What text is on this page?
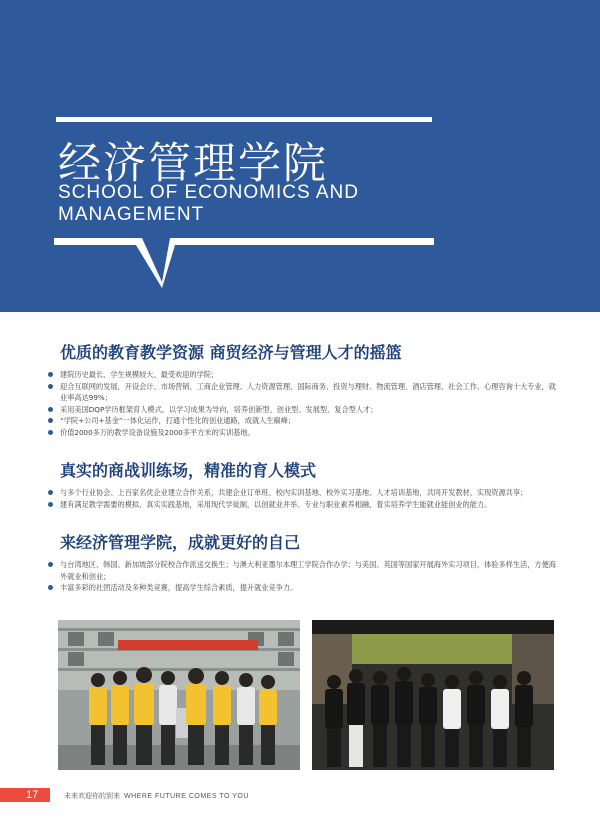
经济管理学院
SCHOOL OF ECONOMICS AND MANAGEMENT
优质的教育教学资源 商贸经济与管理人才的摇篮
建院历史最长、学生规模较大、最受欢迎的学院；
迎合互联网的发展，开设会计、市场营销、工商企业管理、人力资源管理、国际商务、投资与理财、物流管理、酒店管理、社会工作、心理咨询十大专业，就业率高达99%；
采用美国DQP学历框架育人模式，以学习成果为导向，培养创新型、创业型、发展型、复合型人才；
“学院+公司+基金”一体化运作，打通个性化的创业通路，成就人生巅峰；
价值2000多万的教学设备设施及2000多平方米的实训基地。
真实的商战训练场，精准的育人模式
与多个行业协会、上百家名优企业建立合作关系，共建企业订单班、校内实训基地、校外实习基地、人才培训基地，共同开发教材，实现资源共享；
建有满足教学需要的模拟、真实实践基地，采用现代学徒制，以创就业并举、专业与职业素养相融，着实培养学生能就业能创业的能力。
来经济管理学院，成就更好的自己
与台湾地区、韩国、新加坡部分院校合作派送交换生；与澳大利亚墨尔本理工学院合作办学；与美国、英国等国家开展海外实习项目，体验多样生活，方便海外就业和创业；
丰富多彩的社团活动及多种类竞赛，提高学生综合素质，提升就业竞争力。
17	未来欢迎你的到来 WHERE FUTURE COMES TO YOU
